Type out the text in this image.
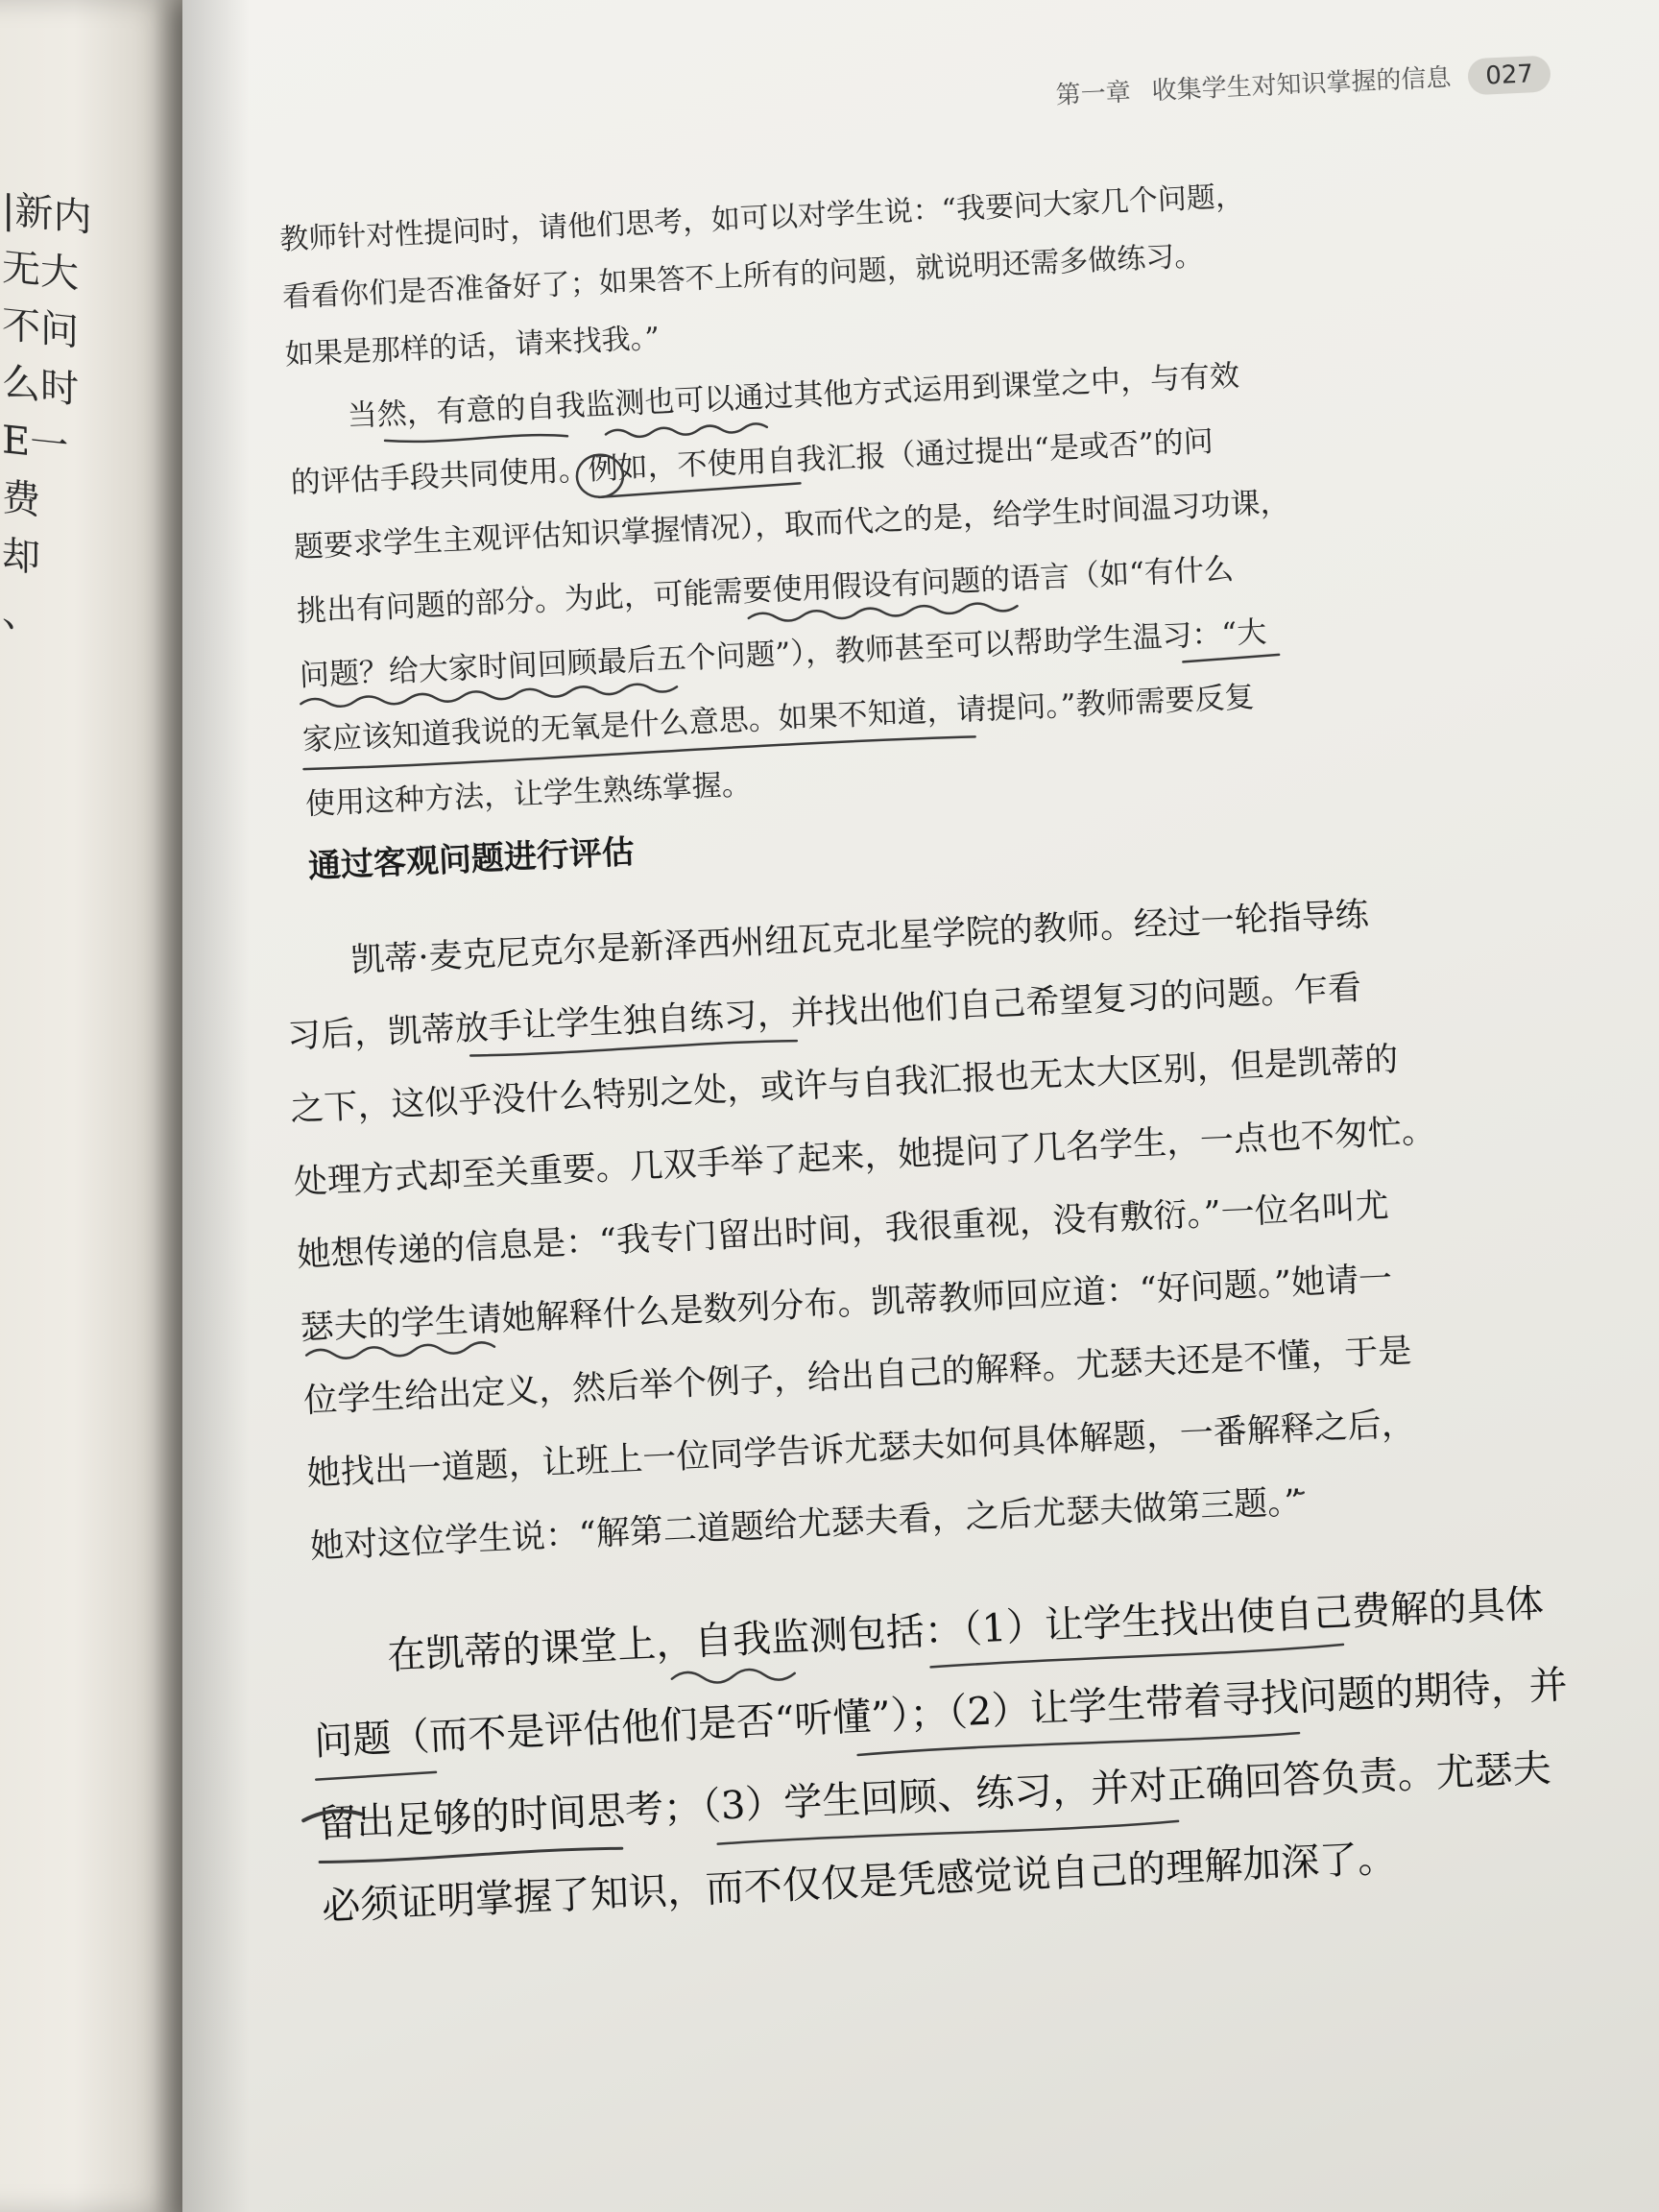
|新内
无大
不问
么时
E一
费
却
、
第一章 收集学生对知识掌握的信息 027
教师针对性提问时，请他们思考，如可以对学生说：“我要问大家几个问题，
看看你们是否准备好了；如果答不上所有的问题，就说明还需多做练习。
如果是那样的话，请来找我。”
当然，有意的自我监测也可以通过其他方式运用到课堂之中，与有效
的评估手段共同使用。例如，不使用自我汇报（通过提出“是或否”的问
题要求学生主观评估知识掌握情况），取而代之的是，给学生时间温习功课，
挑出有问题的部分。为此，可能需要使用假设有问题的语言（如“有什么
问题？给大家时间回顾最后五个问题”），教师甚至可以帮助学生温习：“大
家应该知道我说的无氧是什么意思。如果不知道，请提问。”教师需要反复
使用这种方法，让学生熟练掌握。
通过客观问题进行评估
凯蒂·麦克尼克尔是新泽西州纽瓦克北星学院的教师。经过一轮指导练
习后，凯蒂放手让学生独自练习，并找出他们自己希望复习的问题。乍看
之下，这似乎没什么特别之处，或许与自我汇报也无太大区别，但是凯蒂的
处理方式却至关重要。几双手举了起来，她提问了几名学生，一点也不匆忙。
她想传递的信息是：“我专门留出时间，我很重视，没有敷衍。”一位名叫尤
瑟夫的学生请她解释什么是数列分布。凯蒂教师回应道：“好问题。”她请一
位学生给出定义，然后举个例子，给出自己的解释。尤瑟夫还是不懂，于是
她找出一道题，让班上一位同学告诉尤瑟夫如何具体解题，一番解释之后，
她对这位学生说：“解第二道题给尤瑟夫看，之后尤瑟夫做第三题。”
在凯蒂的课堂上，自我监测包括：（1）让学生找出使自己费解的具体
问题（而不是评估他们是否“听懂”）；（2）让学生带着寻找问题的期待，并
留出足够的时间思考；（3）学生回顾、练习，并对正确回答负责。尤瑟夫
必须证明掌握了知识，而不仅仅是凭感觉说自己的理解加深了。
